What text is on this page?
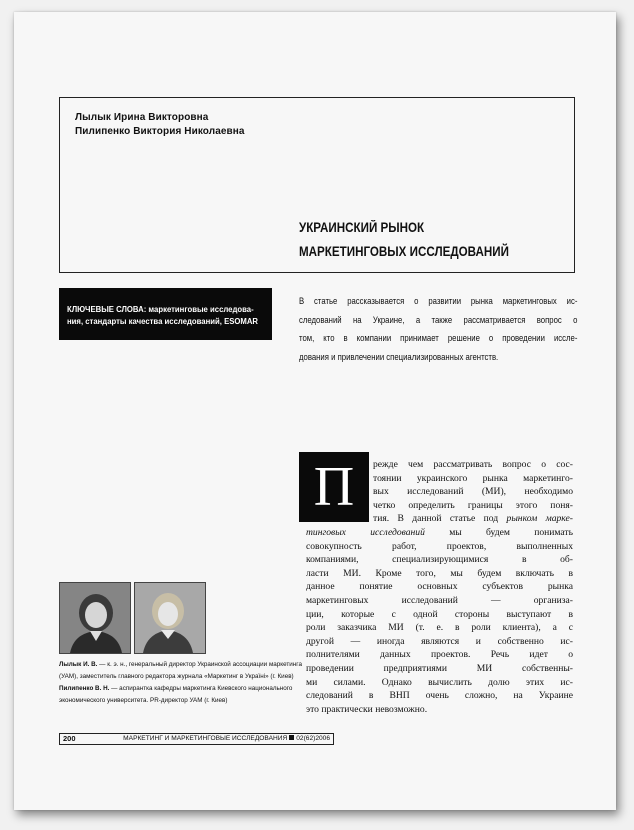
Лылык Ирина Викторовна
Пилипенко Виктория Николаевна
УКРАИНСКИЙ РЫНОК
МАРКЕТИНГОВЫХ ИССЛЕДОВАНИЙ
КЛЮЧЕВЫЕ СЛОВА: маркетинговые исследова-
ния, стандарты качества исследований, ESOMAR
В статье рассказывается о развитии рынка маркетинговых ис-
следований на Украине, а также рассматривается вопрос о
том, кто в компании принимает решение о проведении иссле-
дования и привлечении специализированных агентств.
П	режде чем рассматривать вопрос о сос-
тоянии украинского рынка маркетинго-
вых исследований (МИ), необходимо
четко определить границы этого поня-
тия. В данной статье под рынком марке-
тинговых исследований мы будем понимать
совокупность работ, проектов, выполненных
компаниями, специализирующимися в об-
ласти МИ. Кроме того, мы будем включать в
данное понятие основных субъектов рынка
маркетинговых исследований — организа-
ции, которые с одной стороны выступают в
роли заказчика МИ (т. е. в роли клиента), а с
другой — иногда являются и собственно ис-
полнителями данных проектов. Речь идет о
проведении предприятиями МИ собственны-
ми силами. Однако вычислить долю этих ис-
следований в ВНП очень сложно, на Украине
это практически невозможно.
Лылык И. В. — к. э. н., генеральный директор Украинской ассоциации маркетинга
(УАМ), заместитель главного редактора журнала «Маркетинг в Україні» (г. Киев)
Пилипенко В. Н. — аспирантка кафедры маркетинга Киевского национального
экономического университета. PR-директор УАМ (г. Киев)
200	МАРКЕТИНГ И МАРКЕТИНГОВЫЕ ИССЛЕДОВАНИЯ 02(62)2006
